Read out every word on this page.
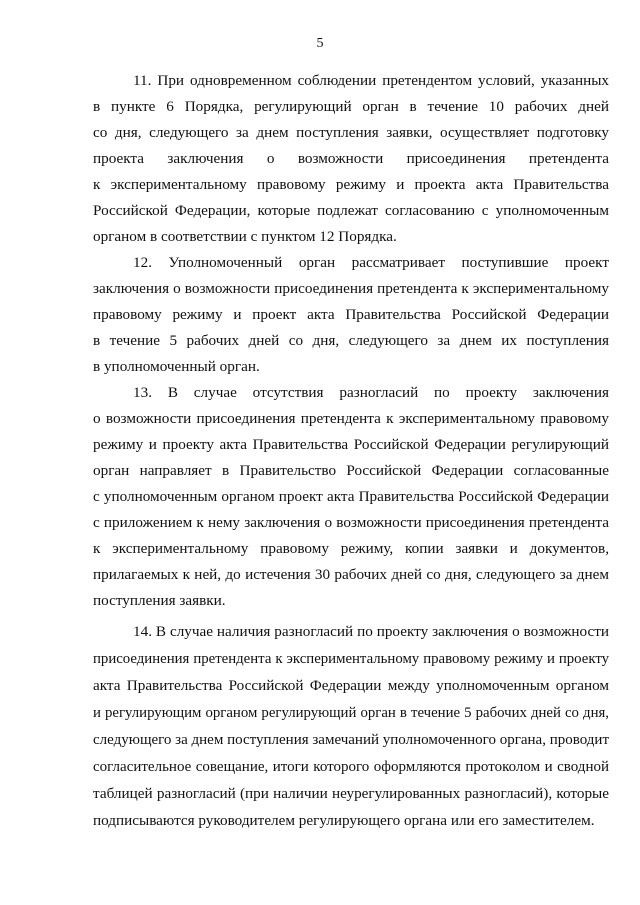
5
11. При одновременном соблюдении претендентом условий, указанных
в пункте 6 Порядка, регулирующий орган в течение 10 рабочих дней
со дня, следующего за днем поступления заявки, осуществляет подготовку
проекта заключения о возможности присоединения претендента
к экспериментальному правовому режиму и проекта акта Правительства
Российской Федерации, которые подлежат согласованию с уполномоченным
органом в соответствии с пунктом 12 Порядка.
12. Уполномоченный орган рассматривает поступившие проект
заключения о возможности присоединения претендента к экспериментальному
правовому режиму и проект акта Правительства Российской Федерации
в течение 5 рабочих дней со дня, следующего за днем их поступления
в уполномоченный орган.
13. В случае отсутствия разногласий по проекту заключения
о возможности присоединения претендента к экспериментальному правовому
режиму и проекту акта Правительства Российской Федерации регулирующий
орган направляет в Правительство Российской Федерации согласованные
с уполномоченным органом проект акта Правительства Российской Федерации
с приложением к нему заключения о возможности присоединения претендента
к экспериментальному правовому режиму, копии заявки и документов,
прилагаемых к ней, до истечения 30 рабочих дней со дня, следующего за днем
поступления заявки.
14. В случае наличия разногласий по проекту заключения о возможности
присоединения претендента к экспериментальному правовому режиму и проекту
акта Правительства Российской Федерации между уполномоченным органом
и регулирующим органом регулирующий орган в течение 5 рабочих дней со дня,
следующего за днем поступления замечаний уполномоченного органа, проводит
согласительное совещание, итоги которого оформляются протоколом и сводной
таблицей разногласий (при наличии неурегулированных разногласий), которые
подписываются руководителем регулирующего органа или его заместителем.
